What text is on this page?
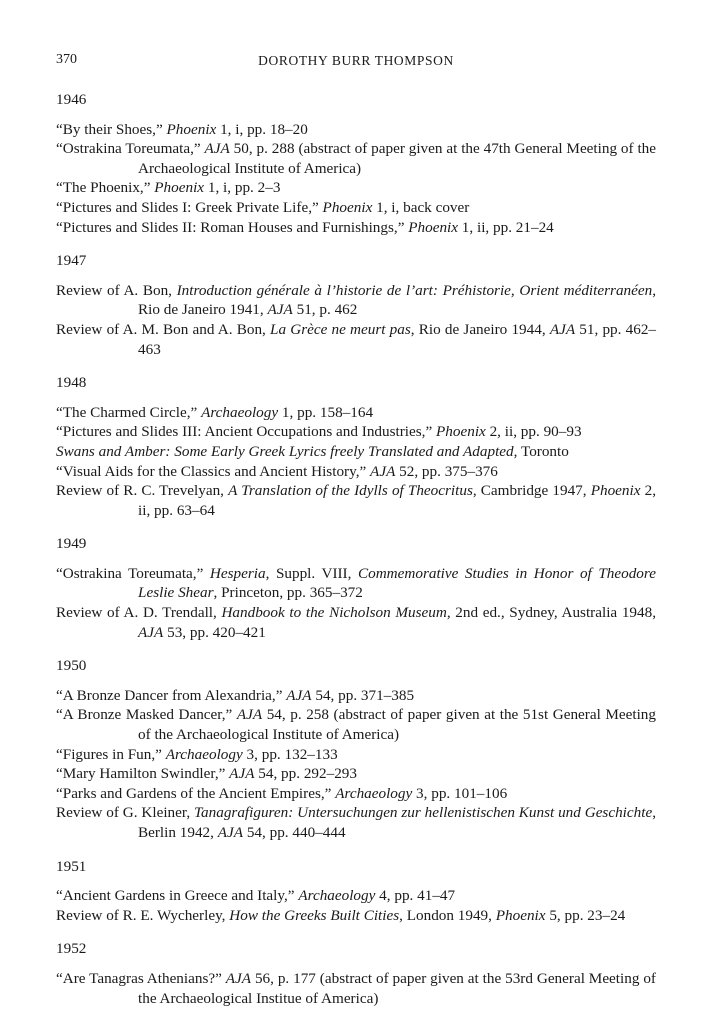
370	DOROTHY BURR THOMPSON
1946
“By their Shoes,” Phoenix 1, i, pp. 18–20
“Ostrakina Toreumata,” AJA 50, p. 288 (abstract of paper given at the 47th General Meeting of the Archaeological Institute of America)
“The Phoenix,” Phoenix 1, i, pp. 2–3
“Pictures and Slides I: Greek Private Life,” Phoenix 1, i, back cover
“Pictures and Slides II: Roman Houses and Furnishings,” Phoenix 1, ii, pp. 21–24
1947
Review of A. Bon, Introduction générale à l’historie de l’art: Préhistorie, Orient méditerranéen, Rio de Janeiro 1941, AJA 51, p. 462
Review of A. M. Bon and A. Bon, La Grèce ne meurt pas, Rio de Janeiro 1944, AJA 51, pp. 462–463
1948
“The Charmed Circle,” Archaeology 1, pp. 158–164
“Pictures and Slides III: Ancient Occupations and Industries,” Phoenix 2, ii, pp. 90–93
Swans and Amber: Some Early Greek Lyrics freely Translated and Adapted, Toronto
“Visual Aids for the Classics and Ancient History,” AJA 52, pp. 375–376
Review of R. C. Trevelyan, A Translation of the Idylls of Theocritus, Cambridge 1947, Phoenix 2, ii, pp. 63–64
1949
“Ostrakina Toreumata,” Hesperia, Suppl. VIII, Commemorative Studies in Honor of Theodore Leslie Shear, Princeton, pp. 365–372
Review of A. D. Trendall, Handbook to the Nicholson Museum, 2nd ed., Sydney, Australia 1948, AJA 53, pp. 420–421
1950
“A Bronze Dancer from Alexandria,” AJA 54, pp. 371–385
“A Bronze Masked Dancer,” AJA 54, p. 258 (abstract of paper given at the 51st General Meeting of the Archaeological Institute of America)
“Figures in Fun,” Archaeology 3, pp. 132–133
“Mary Hamilton Swindler,” AJA 54, pp. 292–293
“Parks and Gardens of the Ancient Empires,” Archaeology 3, pp. 101–106
Review of G. Kleiner, Tanagrafiguren: Untersuchungen zur hellenistischen Kunst und Geschichte, Berlin 1942, AJA 54, pp. 440–444
1951
“Ancient Gardens in Greece and Italy,” Archaeology 4, pp. 41–47
Review of R. E. Wycherley, How the Greeks Built Cities, London 1949, Phoenix 5, pp. 23–24
1952
“Are Tanagras Athenians?” AJA 56, p. 177 (abstract of paper given at the 53rd General Meeting of the Archaeological Institue of America)
